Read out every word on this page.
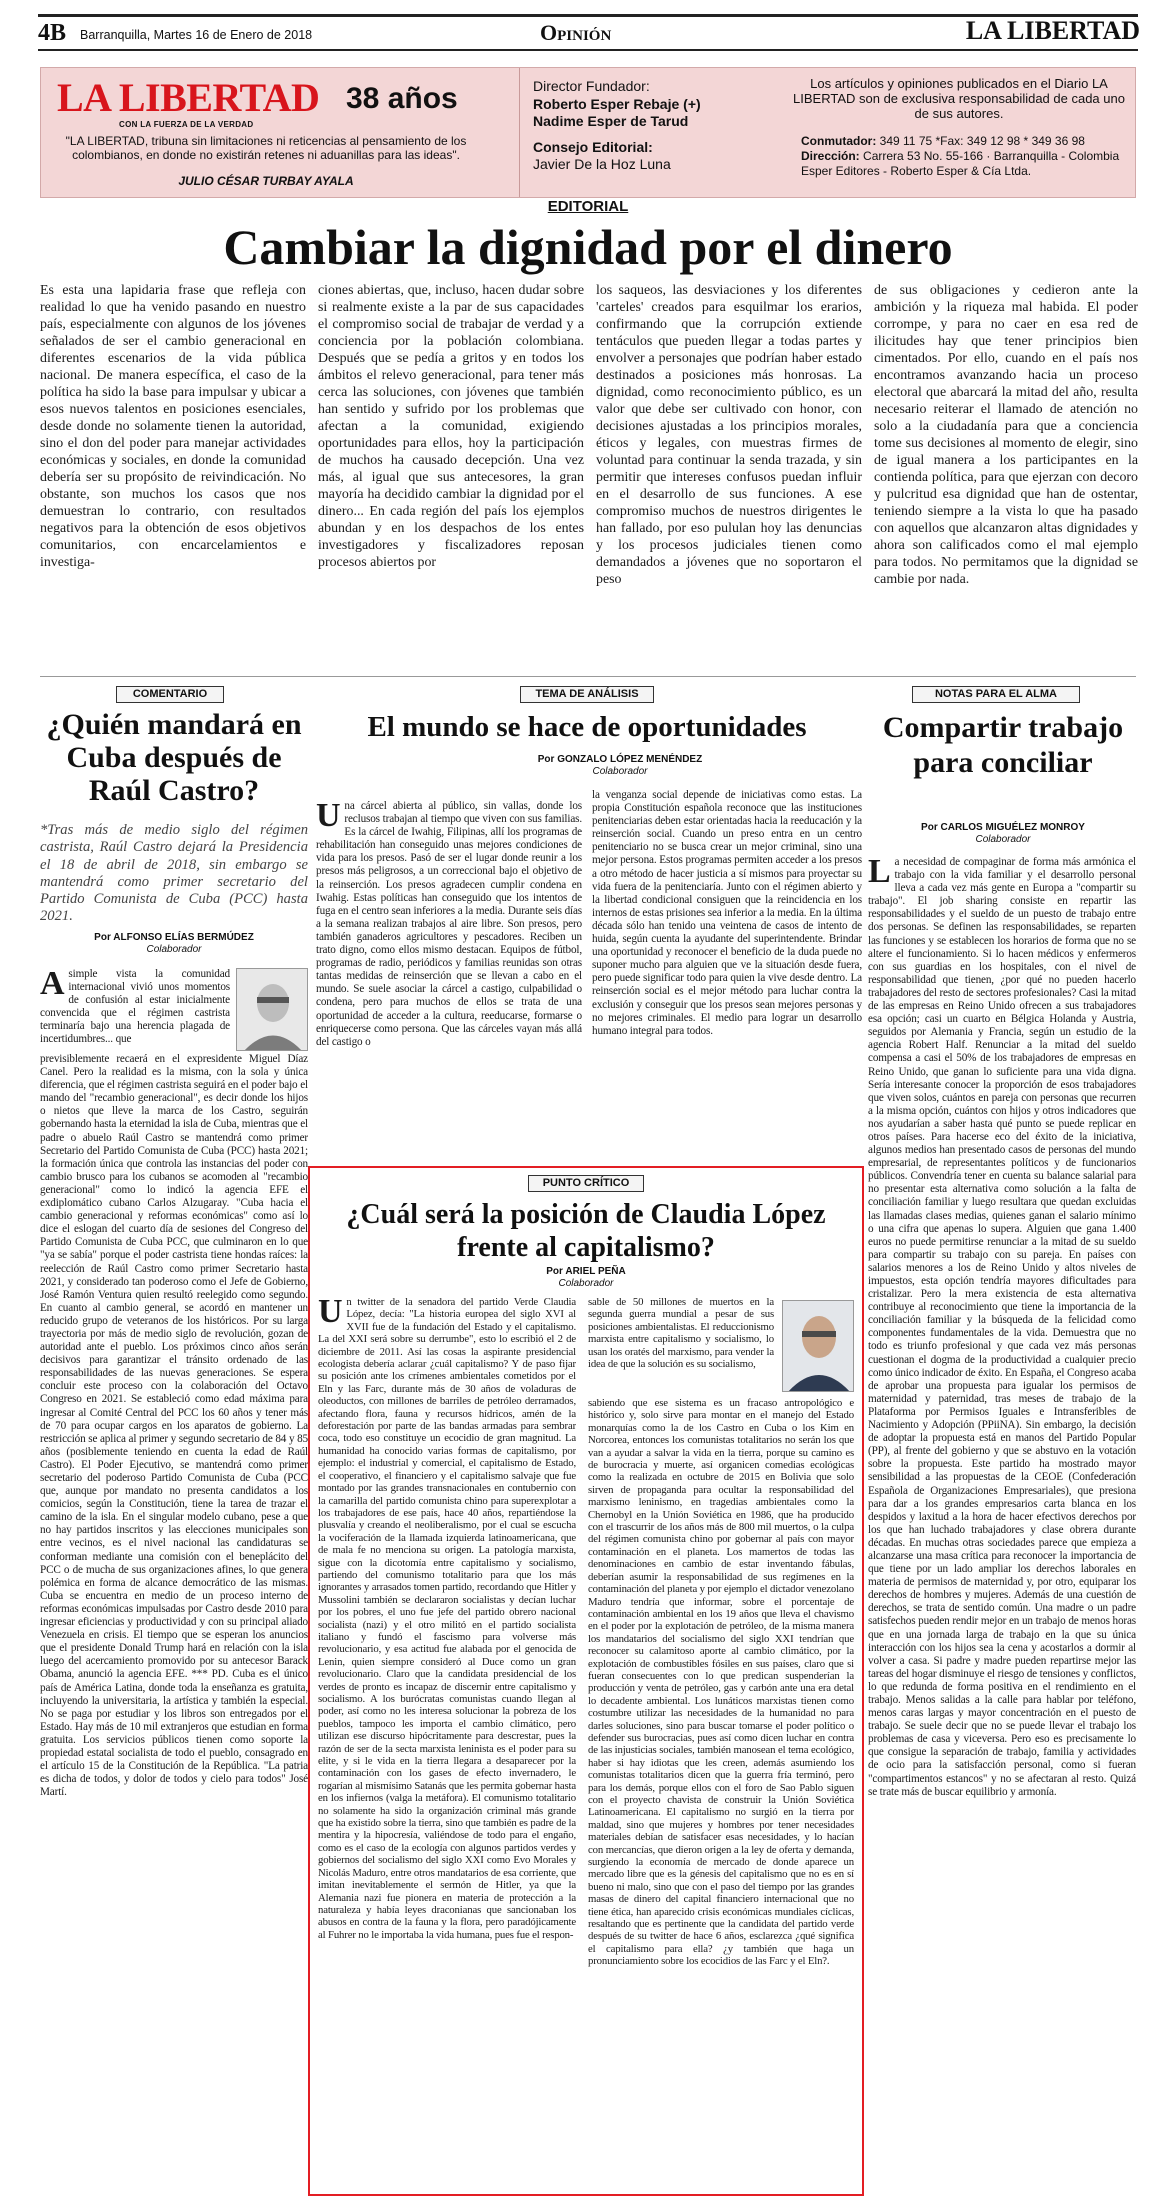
4B Barranquilla, Martes 16 de Enero de 2018	Opinión	LA LIBERTAD
LA LIBERTAD 38 años
CON LA FUERZA DE LA VERDAD
"LA LIBERTAD, tribuna sin limitaciones ni reticencias al pensamiento de los colombianos, en donde no existirán retenes ni aduanillas para las ideas".
JULIO CÉSAR TURBAY AYALA
Director Fundador:
Roberto Esper Rebaje (+)
Nadime Esper de Tarud
Consejo Editorial:
Javier De la Hoz Luna
Los artículos y opiniones publicados en el Diario LA LIBERTAD son de exclusiva responsabilidad de cada uno de sus autores.
Conmutador: 349 11 75 *Fax: 349 12 98 * 349 36 98
Dirección: Carrera 53 No. 55-166 · Barranquilla - Colombia
Esper Editores - Roberto Esper & Cía Ltda.
EDITORIAL
Cambiar la dignidad por el dinero
Es esta una lapidaria frase que refleja con realidad lo que ha venido pasando en nuestro país, especialmente con algunos de los jóvenes señalados de ser el cambio generacional en diferentes escenarios de la vida pública nacional. De manera específica, el caso de la política ha sido la base para impulsar y ubicar a esos nuevos talentos en posiciones esenciales, desde donde no solamente tienen la autoridad, sino el don del poder para manejar actividades económicas y sociales, en donde la comunidad debería ser su propósito de reivindicación. No obstante, son muchos los casos que nos demuestran lo contrario, con resultados negativos para la obtención de esos objetivos comunitarios, con encarcelamientos e investiga-
ciones abiertas, que, incluso, hacen dudar sobre si realmente existe a la par de sus capacidades el compromiso social de trabajar de verdad y a conciencia por la población colombiana. Después que se pedía a gritos y en todos los ámbitos el relevo generacional, para tener más cerca las soluciones, con jóvenes que también han sentido y sufrido por los problemas que afectan a la comunidad, exigiendo oportunidades para ellos, hoy la participación de muchos ha causado decepción. Una vez más, al igual que sus antecesores, la gran mayoría ha decidido cambiar la dignidad por el dinero... En cada región del país los ejemplos abundan y en los despachos de los entes investigadores y fiscalizadores reposan procesos abiertos por
los saqueos, las desviaciones y los diferentes 'carteles' creados para esquilmar los erarios, confirmando que la corrupción extiende tentáculos que pueden llegar a todas partes y envolver a personajes que podrían haber estado destinados a posiciones más honrosas. La dignidad, como reconocimiento público, es un valor que debe ser cultivado con honor, con decisiones ajustadas a los principios morales, éticos y legales, con muestras firmes de voluntad para continuar la senda trazada, y sin permitir que intereses confusos puedan influir en el desarrollo de sus funciones. A ese compromiso muchos de nuestros dirigentes le han fallado, por eso pululan hoy las denuncias y los procesos judiciales tienen como demandados a jóvenes que no soportaron el peso
de sus obligaciones y cedieron ante la ambición y la riqueza mal habida. El poder corrompe, y para no caer en esa red de ilicitudes hay que tener principios bien cimentados. Por ello, cuando en el país nos encontramos avanzando hacia un proceso electoral que abarcará la mitad del año, resulta necesario reiterar el llamado de atención no solo a la ciudadanía para que a conciencia tome sus decisiones al momento de elegir, sino de igual manera a los participantes en la contienda política, para que ejerzan con decoro y pulcritud esa dignidad que han de ostentar, teniendo siempre a la vista lo que ha pasado con aquellos que alcanzaron altas dignidades y ahora son calificados como el mal ejemplo para todos. No permitamos que la dignidad se cambie por nada.
COMENTARIO
¿Quién mandará en Cuba después de Raúl Castro?
*Tras más de medio siglo del régimen castrista, Raúl Castro dejará la Presidencia el 18 de abril de 2018, sin embargo se mantendrá como primer secretario del Partido Comunista de Cuba (PCC) hasta 2021.
Por ALFONSO ELÍAS BERMÚDEZ
Colaborador
Asimple vista la comunidad internacional vivió unos momentos de confusión al estar inicialmente convencida que el régimen castrista terminaría bajo una herencia plagada de incertidumbres... que
previsiblemente recaerá en el expresidente Miguel Díaz Canel. Pero la realidad es la misma, con la sola y única diferencia, que el régimen castrista seguirá en el poder bajo el mando del "recambio generacional", es decir donde los hijos o nietos que lleve la marca de los Castro, seguirán gobernando hasta la eternidad la isla de Cuba, mientras que el padre o abuelo Raúl Castro se mantendrá como primer Secretario del Partido Comunista de Cuba (PCC) hasta 2021; la formación única que controla las instancias del poder con cambio brusco para los cubanos se acomoden al "recambio generacional" como lo indicó la agencia EFE el exdiplomático cubano Carlos Alzugaray. "Cuba hacia el cambio generacional y reformas económicas" como así lo dice el eslogan del cuarto día de sesiones del Congreso del Partido Comunista de Cuba PCC, que culminaron en lo que "ya se sabía" porque el poder castrista tiene hondas raíces: la reelección de Raúl Castro como primer Secretario hasta 2021, y considerado tan poderoso como el Jefe de Gobierno, José Ramón Ventura quien resultó reelegido como segundo. En cuanto al cambio general, se acordó en mantener un reducido grupo de veteranos de los históricos. Por su larga trayectoria por más de medio siglo de revolución, gozan de autoridad ante el pueblo. Los próximos cinco años serán decisivos para garantizar el tránsito ordenado de las responsabilidades de las nuevas generaciones. Se espera concluir este proceso con la colaboración del Octavo Congreso en 2021. Se estableció como edad máxima para ingresar al Comité Central del PCC los 60 años y tener más de 70 para ocupar cargos en los aparatos de gobierno. La restricción se aplica al primer y segundo secretario de 84 y 85 años (posiblemente teniendo en cuenta la edad de Raúl Castro). El Poder Ejecutivo, se mantendrá como primer secretario del poderoso Partido Comunista de Cuba (PCC que, aunque por mandato no presenta candidatos a los comicios, según la Constitución, tiene la tarea de trazar el camino de la isla. En el singular modelo cubano, pese a que no hay partidos inscritos y las elecciones municipales son entre vecinos, es el nivel nacional las candidaturas se conforman mediante una comisión con el beneplácito del PCC o de mucha de sus organizaciones afines, lo que genera polémica en forma de alcance democrático de las mismas. Cuba se encuentra en medio de un proceso interno de reformas económicas impulsadas por Castro desde 2010 para ingresar eficiencias y productividad y con su principal aliado Venezuela en crisis. El tiempo que se esperan los anuncios que el presidente Donald Trump hará en relación con la isla luego del acercamiento promovido por su antecesor Barack Obama, anunció la agencia EFE. *** PD. Cuba es el único país de América Latina, donde toda la enseñanza es gratuita, incluyendo la universitaria, la artística y también la especial. No se paga por estudiar y los libros son entregados por el Estado. Hay más de 10 mil extranjeros que estudian en forma gratuita. Los servicios públicos tienen como soporte la propiedad estatal socialista de todo el pueblo, consagrado en el artículo 15 de la Constitución de la República. "La patria es dicha de todos, y dolor de todos y cielo para todos" José Martí.
TEMA DE ANÁLISIS
El mundo se hace de oportunidades
Por GONZALO LÓPEZ MENÉNDEZ
Colaborador
Una cárcel abierta al público, sin vallas, donde los reclusos trabajan al tiempo que viven con sus familias. Es la cárcel de Iwahig, Filipinas, allí los programas de rehabilitación han conseguido unas mejores condiciones de vida para los presos. Pasó de ser el lugar donde reunir a los presos más peligrosos, a un correccional bajo el objetivo de la reinserción. Los presos agradecen cumplir condena en Iwahig. Estas políticas han conseguido que los intentos de fuga en el centro sean inferiores a la media. Durante seis días a la semana realizan trabajos al aire libre. Son presos, pero también ganaderos agricultores y pescadores. Reciben un trato digno, como ellos mismo destacan. Equipos de fútbol, programas de radio, periódicos y familias reunidas son otras tantas medidas de reinserción que se llevan a cabo en el mundo. Se suele asociar la cárcel a castigo, culpabilidad o condena, pero para muchos de ellos se trata de una oportunidad de acceder a la cultura, reeducarse, formarse o enriquecerse como persona. Que las cárceles vayan más allá del castigo o
la venganza social depende de iniciativas como estas. La propia Constitución española reconoce que las instituciones penitenciarias deben estar orientadas hacia la reeducación y la reinserción social. Cuando un preso entra en un centro penitenciario no se busca crear un mejor criminal, sino una mejor persona. Estos programas permiten acceder a los presos a otro método de hacer justicia a sí mismos para proyectar su vida fuera de la penitenciaría. Junto con el régimen abierto y la libertad condicional consiguen que la reincidencia en los internos de estas prisiones sea inferior a la media. En la última década sólo han tenido una veintena de casos de intento de huida, según cuenta la ayudante del superintendente. Brindar una oportunidad y reconocer el beneficio de la duda puede no suponer mucho para alguien que ve la situación desde fuera, pero puede significar todo para quien la vive desde dentro. La reinserción social es el mejor método para luchar contra la exclusión y conseguir que los presos sean mejores personas y no mejores criminales. El medio para lograr un desarrollo humano integral para todos.
NOTAS PARA EL ALMA
Compartir trabajo para conciliar
Por CARLOS MIGUÉLEZ MONROY
Colaborador
La necesidad de compaginar de forma más armónica el trabajo con la vida familiar y el desarrollo personal lleva a cada vez más gente en Europa a "compartir su trabajo". El job sharing consiste en repartir las responsabilidades y el sueldo de un puesto de trabajo entre dos personas. Se definen las responsabilidades, se reparten las funciones y se establecen los horarios de forma que no se altere el funcionamiento. Si lo hacen médicos y enfermeros con sus guardias en los hospitales, con el nivel de responsabilidad que tienen, ¿por qué no pueden hacerlo trabajadores del resto de sectores profesionales? Casi la mitad de las empresas en Reino Unido ofrecen a sus trabajadores esa opción; casi un cuarto en Bélgica Holanda y Austria, seguidos por Alemania y Francia, según un estudio de la agencia Robert Half. Renunciar a la mitad del sueldo compensa a casi el 50% de los trabajadores de empresas en Reino Unido, que ganan lo suficiente para una vida digna. Sería interesante conocer la proporción de esos trabajadores que viven solos, cuántos en pareja con personas que recurren a la misma opción, cuántos con hijos y otros indicadores que nos ayudarían a saber hasta qué punto se puede replicar en otros países. Para hacerse eco del éxito de la iniciativa, algunos medios han presentado casos de personas del mundo empresarial, de representantes políticos y de funcionarios públicos. Convendría tener en cuenta su balance salarial para no presentar esta alternativa como solución a la falta de conciliación familiar y luego resultara que quedan excluidas las llamadas clases medias, quienes ganan el salario mínimo o una cifra que apenas lo supera. Alguien que gana 1.400 euros no puede permitirse renunciar a la mitad de su sueldo para compartir su trabajo con su pareja. En países con salarios menores a los de Reino Unido y altos niveles de impuestos, esta opción tendría mayores dificultades para cristalizar. Pero la mera existencia de esta alternativa contribuye al reconocimiento que tiene la importancia de la conciliación familiar y la búsqueda de la felicidad como componentes fundamentales de la vida. Demuestra que no todo es triunfo profesional y que cada vez más personas cuestionan el dogma de la productividad a cualquier precio como único indicador de éxito. En España, el Congreso acaba de aprobar una propuesta para igualar los permisos de maternidad y paternidad, tras meses de trabajo de la Plataforma por Permisos Iguales e Intransferibles de Nacimiento y Adopción (PPiiNA). Sin embargo, la decisión de adoptar la propuesta está en manos del Partido Popular (PP), al frente del gobierno y que se abstuvo en la votación sobre la propuesta. Este partido ha mostrado mayor sensibilidad a las propuestas de la CEOE (Confederación Española de Organizaciones Empresariales), que presiona para dar a los grandes empresarios carta blanca en los despidos y laxitud a la hora de hacer efectivos derechos por los que han luchado trabajadores y clase obrera durante décadas. En muchas otras sociedades parece que empieza a alcanzarse una masa crítica para reconocer la importancia de que tiene por un lado ampliar los derechos laborales en materia de permisos de maternidad y, por otro, equiparar los derechos de hombres y mujeres. Además de una cuestión de derechos, se trata de sentido común. Una madre o un padre satisfechos pueden rendir mejor en un trabajo de menos horas que en una jornada larga de trabajo en la que su única interacción con los hijos sea la cena y acostarlos a dormir al volver a casa. Si padre y madre pueden repartirse mejor las tareas del hogar disminuye el riesgo de tensiones y conflictos, lo que redunda de forma positiva en el rendimiento en el trabajo. Menos salidas a la calle para hablar por teléfono, menos caras largas y mayor concentración en el puesto de trabajo. Se suele decir que no se puede llevar el trabajo los problemas de casa y viceversa. Pero eso es precisamente lo que consigue la separación de trabajo, familia y actividades de ocio para la satisfacción personal, como si fueran "compartimentos estancos" y no se afectaran al resto. Quizá se trate más de buscar equilibrio y armonía.
PUNTO CRÍTICO
¿Cuál será la posición de Claudia López frente al capitalismo?
Por ARIEL PEÑA
Colaborador
Un twitter de la senadora del partido Verde Claudia López, decía: "La historia europea del siglo XVI al XVII fue de la fundación del Estado y el capitalismo. La del XXI será sobre su derrumbe", esto lo escribió el 2 de diciembre de 2011. Así las cosas la aspirante presidencial ecologista debería aclarar ¿cuál capitalismo? Y de paso fijar su posición ante los crímenes ambientales cometidos por el Eln y las Farc, durante más de 30 años de voladuras de oleoductos, con millones de barriles de petróleo derramados, afectando flora, fauna y recursos hídricos, amén de la deforestación por parte de las bandas armadas para sembrar coca, todo eso constituye un ecocidio de gran magnitud. La humanidad ha conocido varias formas de capitalismo, por ejemplo: el industrial y comercial, el capitalismo de Estado, el cooperativo, el financiero y el capitalismo salvaje que fue montado por las grandes transnacionales en contubernio con la camarilla del partido comunista chino para superexplotar a los trabajadores de ese país, hace 40 años, repartiéndose la plusvalía y creando el neoliberalismo, por el cual se escucha la vociferación de la llamada izquierda latinoamericana, que de mala fe no menciona su origen. La patología marxista, sigue con la dicotomía entre capitalismo y socialismo, partiendo del comunismo totalitario para que los más ignorantes y arrasados tomen partido, recordando que Hitler y Mussolini también se declararon socialistas y decían luchar por los pobres, el uno fue jefe del partido obrero nacional socialista (nazi) y el otro militó en el partido socialista italiano y fundó el fascismo para volverse más revolucionario, y esa actitud fue alabada por el genocida de Lenin, quien siempre consideró al Duce como un gran revolucionario. Claro que la candidata presidencial de los verdes de pronto es incapaz de discernir entre capitalismo y socialismo. A los burócratas comunistas cuando llegan al poder, así como no les interesa solucionar la pobreza de los pueblos, tampoco les importa el cambio climático, pero utilizan ese discurso hipócritamente para descrestar, pues la razón de ser de la secta marxista leninista es el poder para su elite, y si le vida en la tierra llegara a desaparecer por la contaminación con los gases de efecto invernadero, le rogarían al mismísimo Satanás que les permita gobernar hasta en los infiernos (valga la metáfora). El comunismo totalitario no solamente ha sido la organización criminal más grande que ha existido sobre la tierra, sino que también es padre de la mentira y la hipocresía, valiéndose de todo para el engaño, como es el caso de la ecología con algunos partidos verdes y gobiernos del socialismo del siglo XXI como Evo Morales y Nicolás Maduro, entre otros mandatarios de esa corriente, que imitan inevitablemente el sermón de Hitler, ya que la Alemania nazi fue pionera en materia de protección a la naturaleza y había leyes draconianas que sancionaban los abusos en contra de la fauna y la flora, pero paradójicamente al Fuhrer no le importaba la vida humana, pues fue el respon-
sable de 50 millones de muertos en la segunda guerra mundial a pesar de sus posiciones ambientalistas. El reduccionismo marxista entre capitalismo y socialismo, lo usan los oratés del marxismo, para vender la idea de que la solución es su socialismo,
sabiendo que ese sistema es un fracaso antropológico e histórico y, solo sirve para montar en el manejo del Estado monarquías como la de los Castro en Cuba o los Kim en Norcorea, entonces los comunistas totalitarios no serán los que van a ayudar a salvar la vida en la tierra, porque su camino es de burocracia y muerte, así organicen comedias ecológicas como la realizada en octubre de 2015 en Bolivia que solo sirven de propaganda para ocultar la responsabilidad del marxismo leninismo, en tragedias ambientales como la Chernobyl en la Unión Soviética en 1986, que ha producido con el trascurrir de los años más de 800 mil muertos, o la culpa del régimen comunista chino por gobernar al país con mayor contaminación en el planeta. Los mamertos de todas las denominaciones en cambio de estar inventando fábulas, deberían asumir la responsabilidad de sus regímenes en la contaminación del planeta y por ejemplo el dictador venezolano Maduro tendría que informar, sobre el porcentaje de contaminación ambiental en los 19 años que lleva el chavismo en el poder por la explotación de petróleo, de la misma manera los mandatarios del socialismo del siglo XXI tendrían que reconocer su calamitoso aporte al cambio climático, por la explotación de combustibles fósiles en sus países, claro que si fueran consecuentes con lo que predican suspenderían la producción y venta de petróleo, gas y carbón ante una era detal lo decadente ambiental. Los lunáticos marxistas tienen como costumbre utilizar las necesidades de la humanidad no para darles soluciones, sino para buscar tomarse el poder político o defender sus burocracias, pues así como dicen luchar en contra de las injusticias sociales, también manosean el tema ecológico, haber si hay idiotas que les creen, además asumiendo los comunistas totalitarios dicen que la guerra fría terminó, pero para los demás, porque ellos con el foro de Sao Pablo siguen con el proyecto chavista de construir la Unión Soviética Latinoamericana. El capitalismo no surgió en la tierra por maldad, sino que mujeres y hombres por tener necesidades materiales debían de satisfacer esas necesidades, y lo hacían con mercancías, que dieron origen a la ley de oferta y demanda, surgiendo la economía de mercado de donde aparece un mercado libre que es la génesis del capitalismo que no es en sí bueno ni malo, sino que con el paso del tiempo por las grandes masas de dinero del capital financiero internacional que no tiene ética, han aparecido crisis económicas mundiales cíclicas, resaltando que es pertinente que la candidata del partido verde después de su twitter de hace 6 años, esclarezca ¿qué significa el capitalismo para ella? ¿y también que haga un pronunciamiento sobre los ecocidios de las Farc y el Eln?.
